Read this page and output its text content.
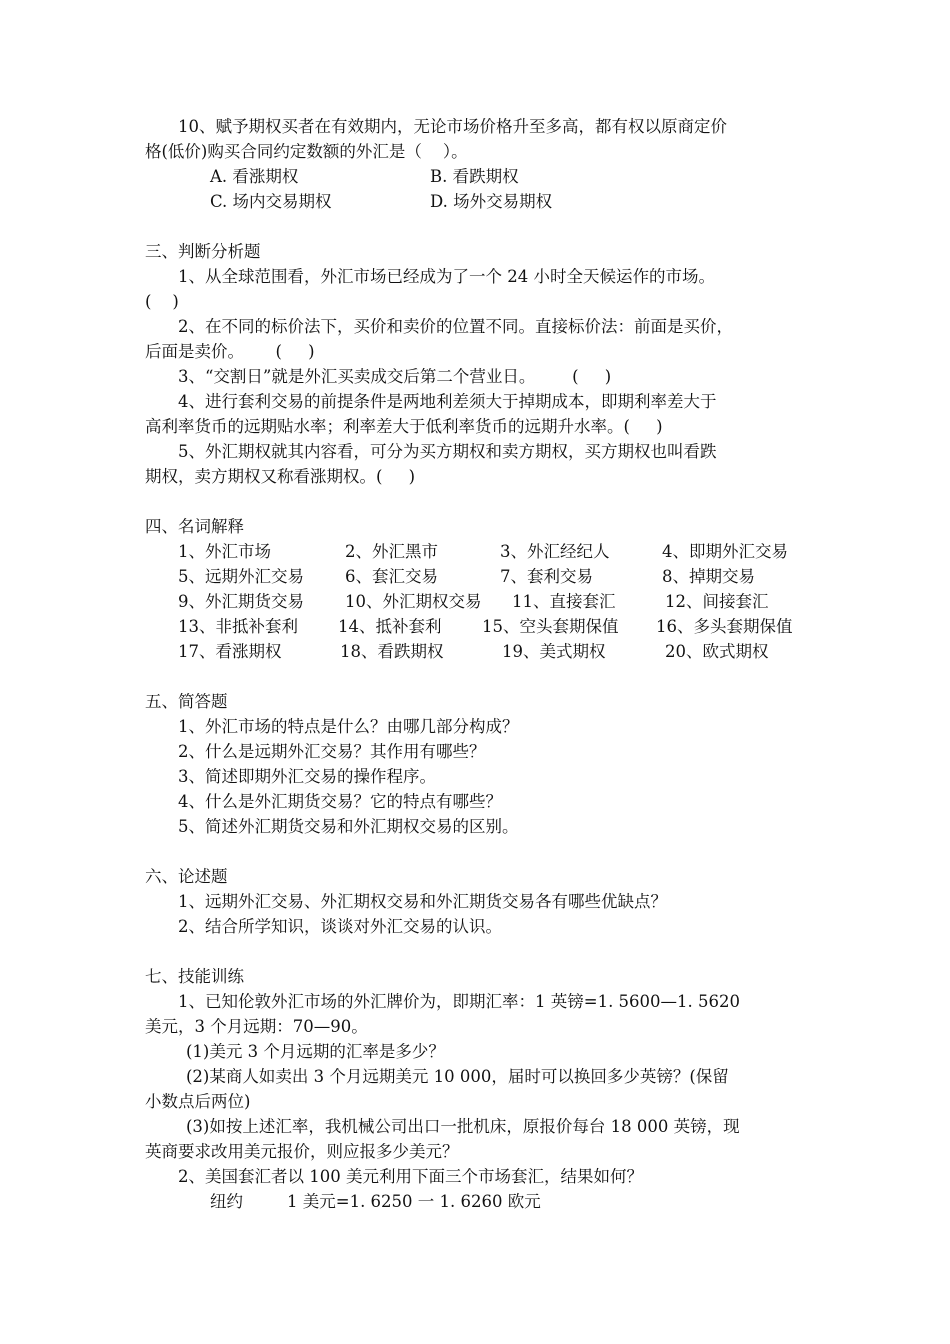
10、赋予期权买者在有效期内，无论市场价格升至多高，都有权以原商定价
格(低价)购买合同约定数额的外汇是（    ）。
A. 看涨期权	B. 看跌期权
C. 场内交易期权	D. 场外交易期权
三、判断分析题
1、从全球范围看，外汇市场已经成为了一个 24 小时全天候运作的市场。
(    )
2、在不同的标价法下，买价和卖价的位置不同。直接标价法：前面是买价，
后面是卖价。      (     )
3、“交割日”就是外汇买卖成交后第二个营业日。       (     )
4、进行套利交易的前提条件是两地利差须大于掉期成本，即期利率差大于
高利率货币的远期贴水率；利率差大于低利率货币的远期升水率。(     )
5、外汇期权就其内容看，可分为买方期权和卖方期权，买方期权也叫看跌
期权，卖方期权又称看涨期权。(     )
四、名词解释
1、外汇市场	2、外汇黑市	3、外汇经纪人	4、即期外汇交易
5、远期外汇交易 6、套汇交易	7、套利交易	8、掉期交易
9、外汇期货交易 10、外汇期权交易 11、直接套汇	12、间接套汇
13、非抵补套利 14、抵补套利 15、空头套期保值 16、多头套期保值
17、看涨期权	18、看跌期权	19、美式期权	20、欧式期权
五、简答题
1、外汇市场的特点是什么？由哪几部分构成？
2、什么是远期外汇交易？其作用有哪些？
3、简述即期外汇交易的操作程序。
4、什么是外汇期货交易？它的特点有哪些？
5、简述外汇期货交易和外汇期权交易的区别。
六、论述题
1、远期外汇交易、外汇期权交易和外汇期货交易各有哪些优缺点？
2、结合所学知识，谈谈对外汇交易的认识。
七、技能训练
1、已知伦敦外汇市场的外汇牌价为，即期汇率：1 英镑=1. 5600—1. 5620
美元，3 个月远期：70—90。
(1)美元 3 个月远期的汇率是多少？
(2)某商人如卖出 3 个月远期美元 10 000，届时可以换回多少英镑？(保留
小数点后两位)
(3)如按上述汇率，我机械公司出口一批机床，原报价每台 18 000 英镑，现
英商要求改用美元报价，则应报多少美元？
2、美国套汇者以 100 美元利用下面三个市场套汇，结果如何？
纽约	1 美元=1. 6250 一 1. 6260 欧元
